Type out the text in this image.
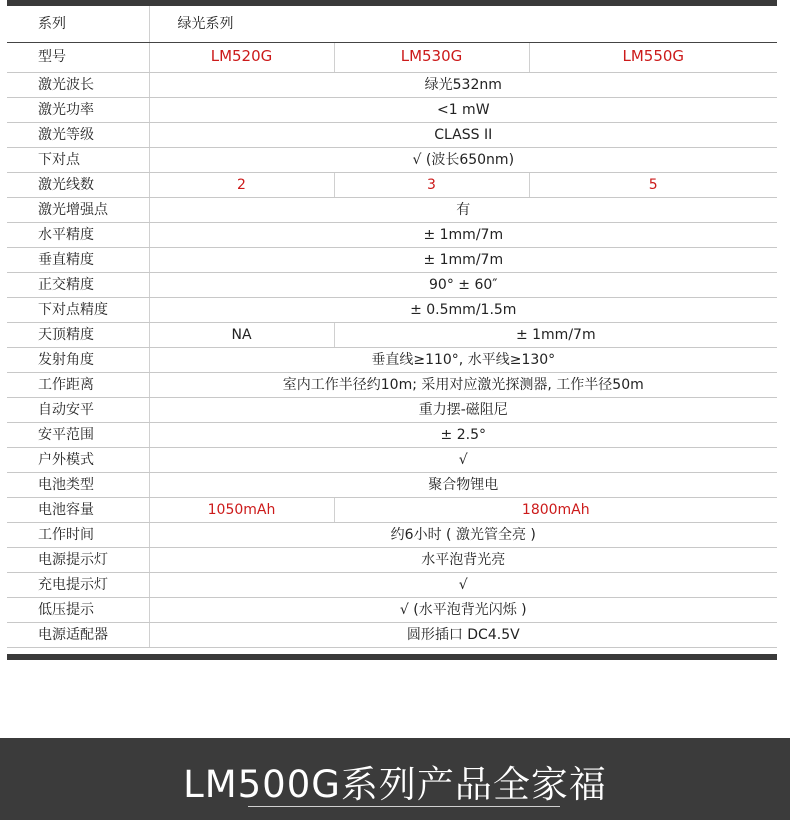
系列	绿光系列		
型号	LM520G	LM530G	LM550G
激光波长	绿光532nm		
激光功率	<1 mW		
激光等级	CLASS II		
下对点	√ (波长650nm)		
激光线数	2	3	5
激光增强点	有		
水平精度	± 1mm/7m		
垂直精度	± 1mm/7m		
正交精度	90° ± 60″		
下对点精度	± 0.5mm/1.5m		
天顶精度	NA	± 1mm/7m	
发射角度	垂直线≥110°, 水平线≥130°		
工作距离	室内工作半径约10m; 采用对应激光探测器, 工作半径50m		
自动安平	重力摆-磁阻尼		
安平范围	± 2.5°		
户外模式	√		
电池类型	聚合物锂电		
电池容量	1050mAh	1800mAh	
工作时间	约6小时 ( 激光管全亮 )		
电源提示灯	水平泡背光亮		
充电提示灯	√		
低压提示	√ (水平泡背光闪烁 )		
电源适配器	圆形插口 DC4.5V		
LM500G系列产品全家福
